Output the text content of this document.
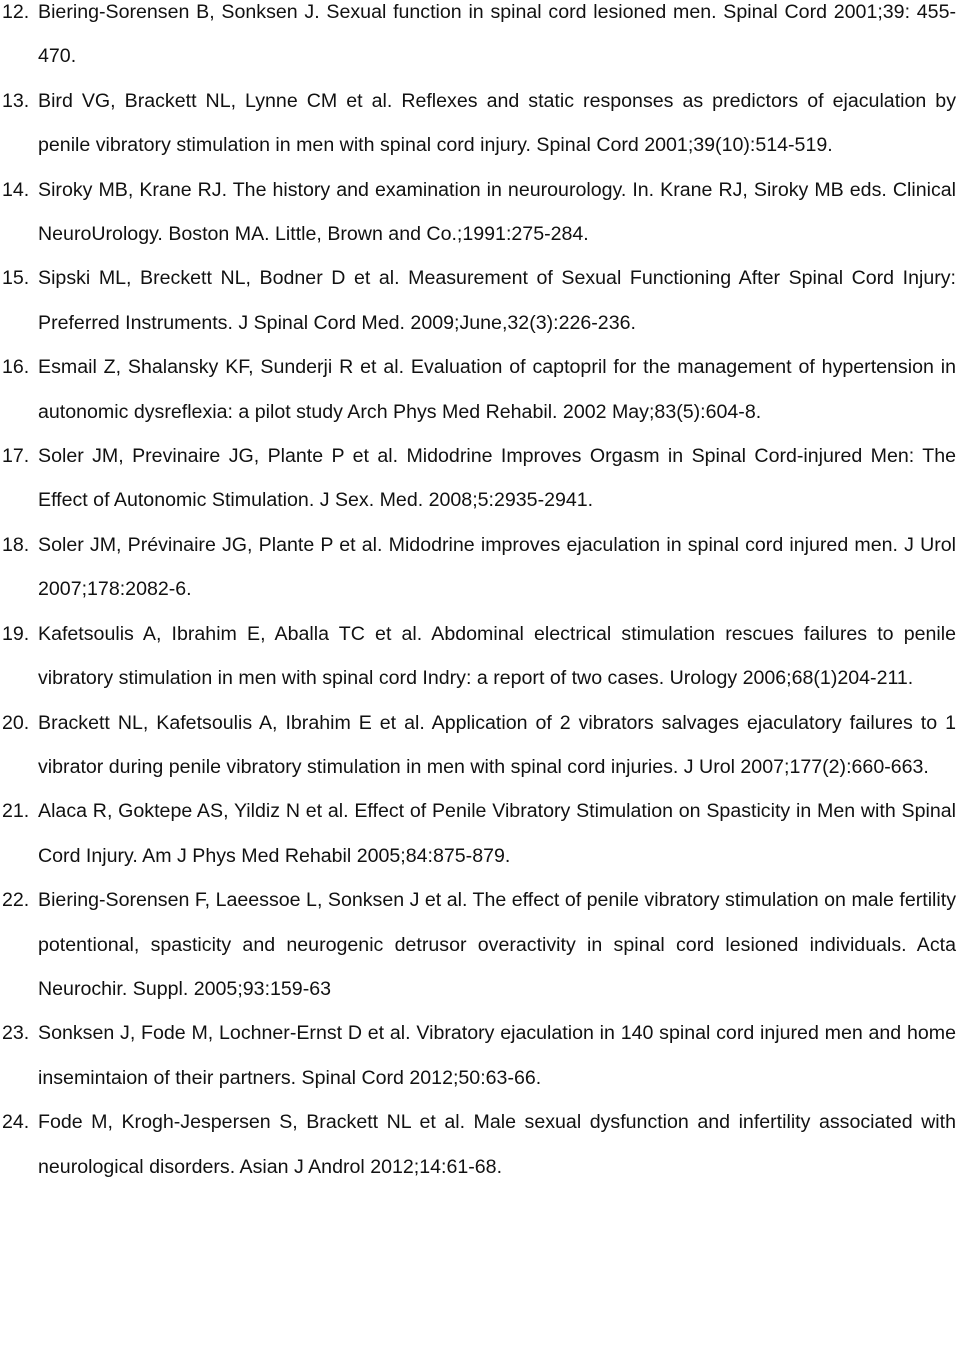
12. Biering-Sorensen B, Sonksen J. Sexual function in spinal cord lesioned men. Spinal Cord 2001;39: 455-470.
13. Bird VG, Brackett NL, Lynne CM et al. Reflexes and static responses as predictors of ejaculation by penile vibratory stimulation in men with spinal cord injury. Spinal Cord 2001;39(10):514-519.
14. Siroky MB, Krane RJ. The history and examination in neurourology. In. Krane RJ, Siroky MB eds. Clinical NeuroUrology. Boston MA. Little, Brown and Co.;1991:275-284.
15. Sipski ML, Breckett NL, Bodner D et al. Measurement of Sexual Functioning After Spinal Cord Injury: Preferred Instruments. J Spinal Cord Med. 2009;June,32(3):226-236.
16. Esmail Z, Shalansky KF, Sunderji R et al. Evaluation of captopril for the management of hypertension in autonomic dysreflexia: a pilot study Arch Phys Med Rehabil. 2002 May;83(5):604-8.
17. Soler JM, Previnaire JG, Plante P et al. Midodrine Improves Orgasm in Spinal Cord-injured Men: The Effect of Autonomic Stimulation. J Sex. Med. 2008;5:2935-2941.
18. Soler JM, Prévinaire JG, Plante P et al. Midodrine improves ejaculation in spinal cord injured men. J Urol 2007;178:2082-6.
19. Kafetsoulis A, Ibrahim E, Aballa TC et al. Abdominal electrical stimulation rescues failures to penile vibratory stimulation in men with spinal cord Indry: a report of two cases. Urology 2006;68(1)204-211.
20. Brackett NL, Kafetsoulis A, Ibrahim E et al. Application of 2 vibrators salvages ejaculatory failures to 1 vibrator during penile vibratory stimulation in men with spinal cord injuries. J Urol 2007;177(2):660-663.
21. Alaca R, Goktepe AS, Yildiz N et al. Effect of Penile Vibratory Stimulation on Spasticity in Men with Spinal Cord Injury. Am J Phys Med Rehabil 2005;84:875-879.
22. Biering-Sorensen F, Laeessoe L, Sonksen J et al. The effect of penile vibratory stimulation on male fertility potentional, spasticity and neurogenic detrusor overactivity in spinal cord lesioned individuals. Acta Neurochir. Suppl. 2005;93:159-63
23. Sonksen J, Fode M, Lochner-Ernst D et al. Vibratory ejaculation in 140 spinal cord injured men and home insemintaion of their partners. Spinal Cord 2012;50:63-66.
24. Fode M, Krogh-Jespersen S, Brackett NL et al. Male sexual dysfunction and infertility associated with neurological disorders. Asian J Androl 2012;14:61-68.
